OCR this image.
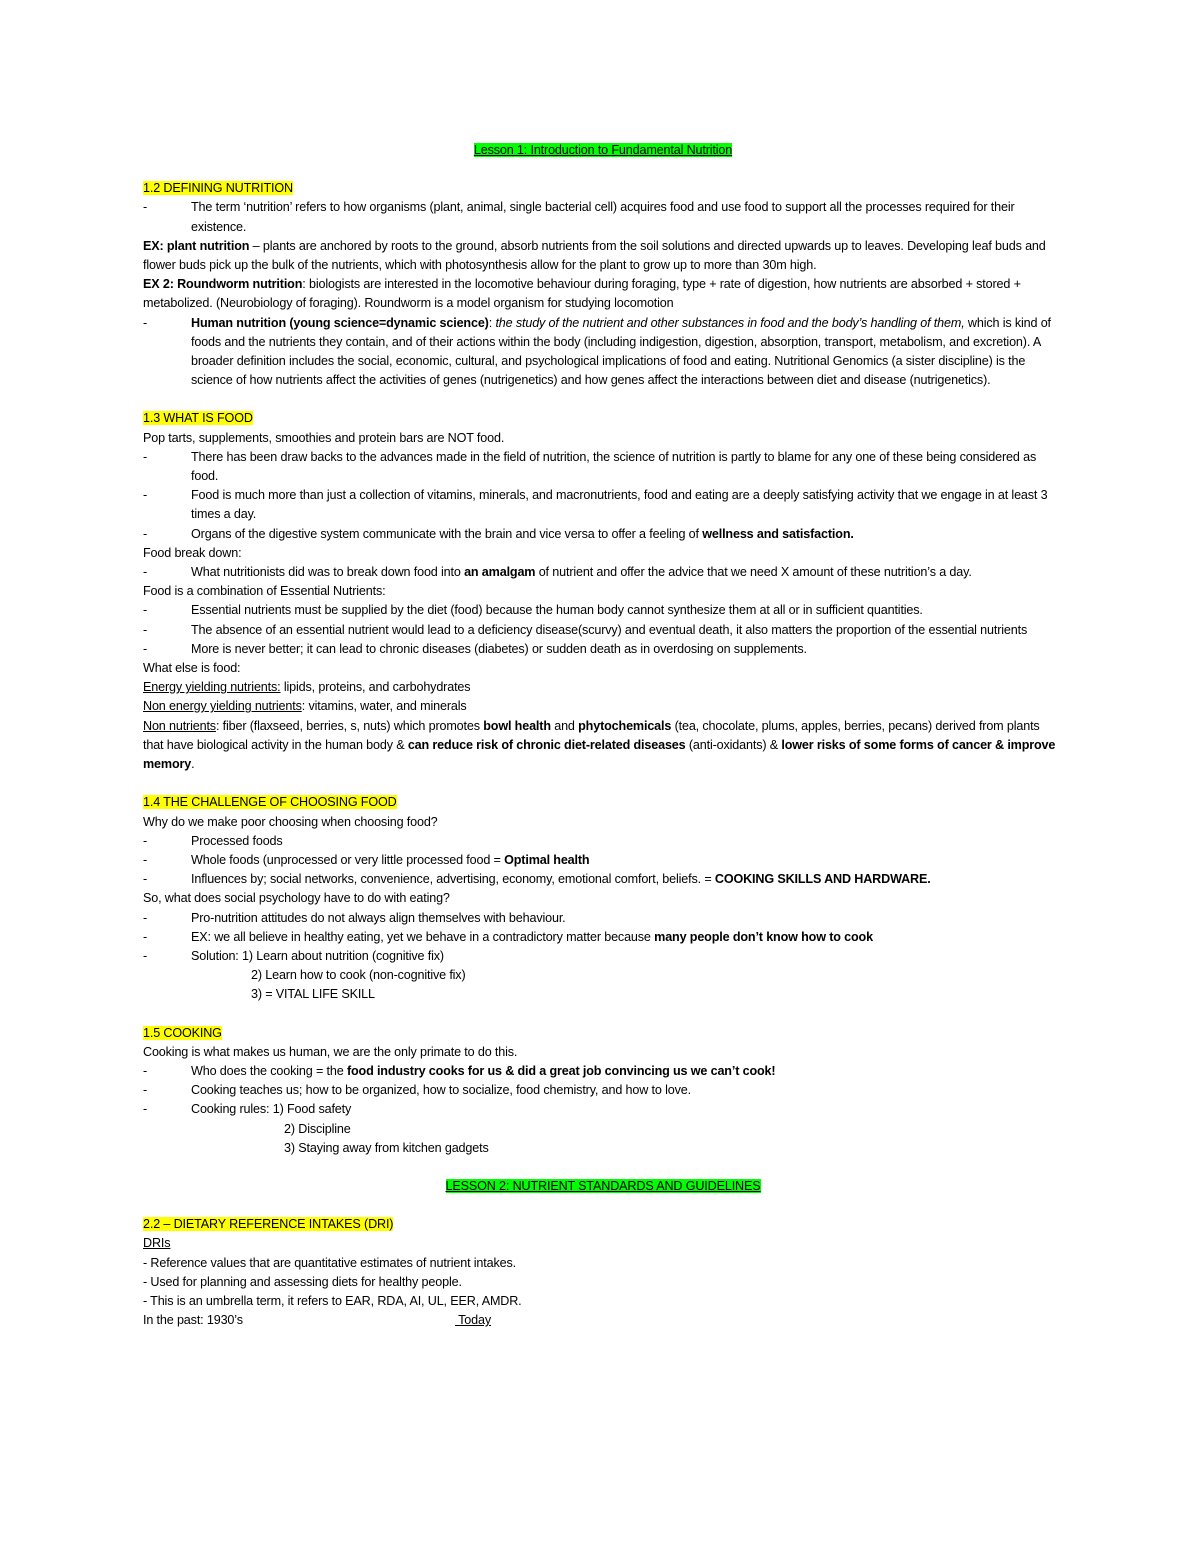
Lesson 1: Introduction to Fundamental Nutrition

1.2 DEFINING NUTRITION

- The term ‘nutrition’ refers to how organisms (plant, animal, single bacterial cell) acquires food and use food to support all the processes required for their existence.

EX: plant nutrition – plants are anchored by roots to the ground, absorb nutrients from the soil solutions and directed upwards up to leaves. Developing leaf buds and flower buds pick up the bulk of the nutrients, which with photosynthesis allow for the plant to grow up to more than 30m high.

EX 2: Roundworm nutrition: biologists are interested in the locomotive behaviour during foraging, type + rate of digestion, how nutrients are absorbed + stored + metabolized. (Neurobiology of foraging). Roundworm is a model organism for studying locomotion

- Human nutrition (young science=dynamic science): the study of the nutrient and other substances in food and the body’s handling of them, which is kind of foods and the nutrients they contain, and of their actions within the body (including indigestion, digestion, absorption, transport, metabolism, and excretion). A broader definition includes the social, economic, cultural, and psychological implications of food and eating. Nutritional Genomics (a sister discipline) is the science of how nutrients affect the activities of genes (nutrigenetics) and how genes affect the interactions between diet and disease (nutrigenetics).

1.3 WHAT IS FOOD

Pop tarts, supplements, smoothies and protein bars are NOT food.

- There has been draw backs to the advances made in the field of nutrition, the science of nutrition is partly to blame for any one of these being considered as food.

- Food is much more than just a collection of vitamins, minerals, and macronutrients, food and eating are a deeply satisfying activity that we engage in at least 3 times a day.

- Organs of the digestive system communicate with the brain and vice versa to offer a feeling of wellness and satisfaction.

Food break down:

- What nutritionists did was to break down food into an amalgam of nutrient and offer the advice that we need X amount of these nutrition’s a day.

Food is a combination of Essential Nutrients:

- Essential nutrients must be supplied by the diet (food) because the human body cannot synthesize them at all or in sufficient quantities.

- The absence of an essential nutrient would lead to a deficiency disease(scurvy) and eventual death, it also matters the proportion of the essential nutrients

- More is never better; it can lead to chronic diseases (diabetes) or sudden death as in overdosing on supplements.

What else is food:

Energy yielding nutrients: lipids, proteins, and carbohydrates

Non energy yielding nutrients: vitamins, water, and minerals

Non nutrients: fiber (flaxseed, berries, s, nuts) which promotes bowl health and phytochemicals (tea, chocolate, plums, apples, berries, pecans) derived from plants that have biological activity in the human body & can reduce risk of chronic diet-related diseases (anti-oxidants) & lower risks of some forms of cancer & improve memory.

1.4 THE CHALLENGE OF CHOOSING FOOD

Why do we make poor choosing when choosing food?

- Processed foods

- Whole foods (unprocessed or very little processed food = Optimal health

- Influences by; social networks, convenience, advertising, economy, emotional comfort, beliefs. = COOKING SKILLS AND HARDWARE.

So, what does social psychology have to do with eating?

- Pro-nutrition attitudes do not always align themselves with behaviour.

- EX: we all believe in healthy eating, yet we behave in a contradictory matter because many people don’t know how to cook

- Solution: 1) Learn about nutrition (cognitive fix)

2) Learn how to cook (non-cognitive fix)

3) = VITAL LIFE SKILL

1.5 COOKING

Cooking is what makes us human, we are the only primate to do this.

- Who does the cooking = the food industry cooks for us & did a great job convincing us we can’t cook!

- Cooking teaches us; how to be organized, how to socialize, food chemistry, and how to love.

- Cooking rules: 1) Food safety

2) Discipline

3) Staying away from kitchen gadgets

LESSON 2: NUTRIENT STANDARDS AND GUIDELINES

2.2 – DIETARY REFERENCE INTAKES (DRI)

DRIs

- Reference values that are quantitative estimates of nutrient intakes.

- Used for planning and assessing diets for healthy people.

- This is an umbrella term, it refers to EAR, RDA, AI, UL, EER, AMDR.

In the past: 1930’s	Today
